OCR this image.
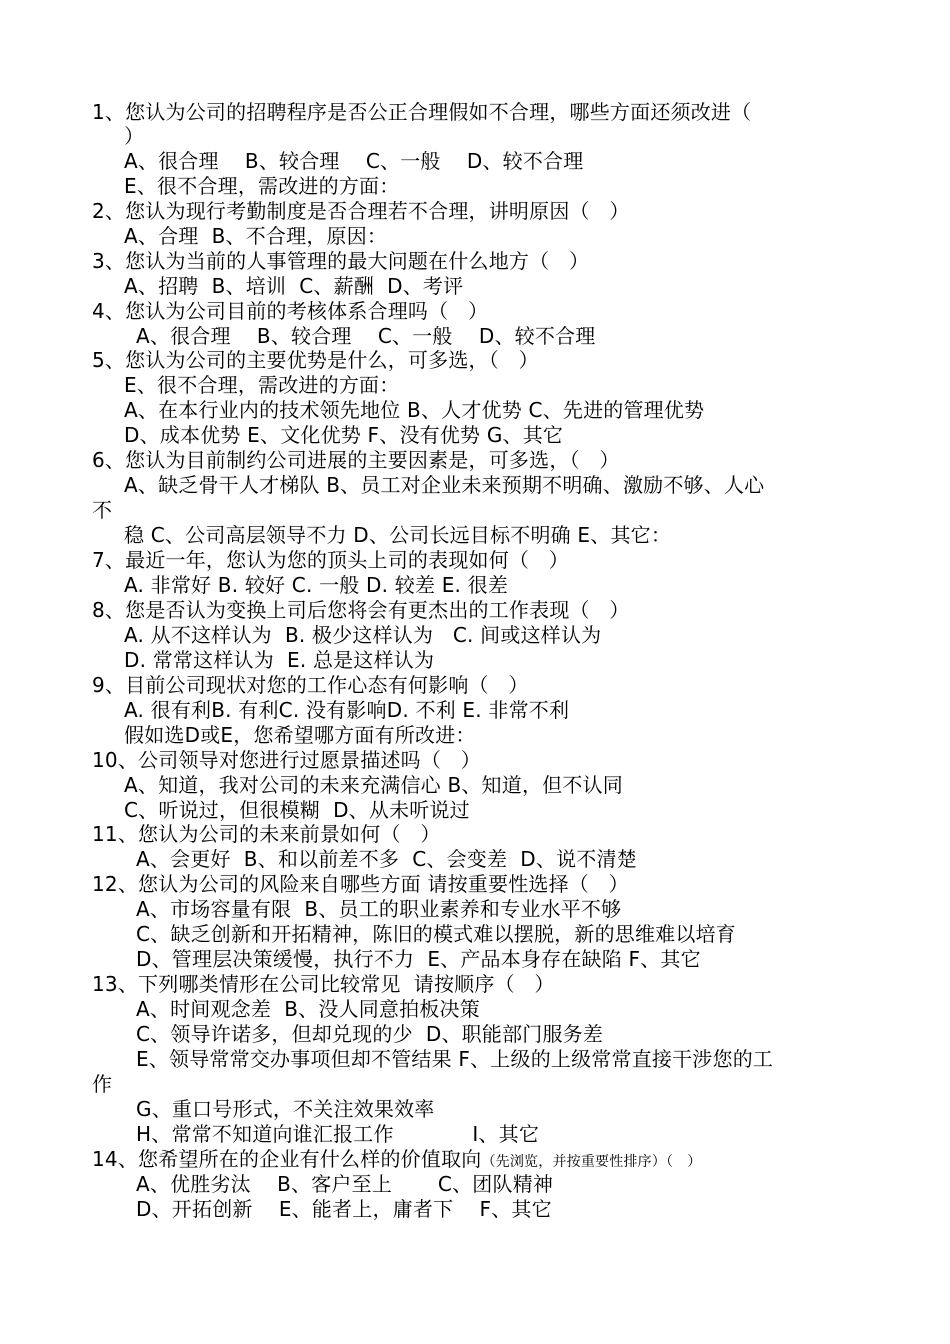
1、您认为公司的招聘程序是否公正合理假如不合理，哪些方面还须改进（
）
A、很合理    B、较合理    C、一般    D、较不合理
E、很不合理，需改进的方面：
2、您认为现行考勤制度是否合理若不合理，讲明原因（   ）
A、合理  B、不合理，原因：
3、您认为当前的人事管理的最大问题在什么地方（   ）
A、招聘  B、培训  C、薪酬  D、考评
4、您认为公司目前的考核体系合理吗（   ）
A、很合理    B、较合理    C、一般    D、较不合理
5、您认为公司的主要优势是什么，可多选，（   ）
E、很不合理，需改进的方面：
A、在本行业内的技术领先地位 B、人才优势 C、先进的管理优势
D、成本优势 E、文化优势 F、没有优势 G、其它
6、您认为目前制约公司进展的主要因素是，可多选，（   ）
A、缺乏骨干人才梯队 B、员工对企业未来预期不明确、激励不够、人心
不
稳 C、公司高层领导不力 D、公司长远目标不明确 E、其它：
7、最近一年，您认为您的顶头上司的表现如何（   ）
A. 非常好 B. 较好 C. 一般 D. 较差 E. 很差
8、您是否认为变换上司后您将会有更杰出的工作表现（   ）
A. 从不这样认为  B. 极少这样认为   C. 间或这样认为
D. 常常这样认为  E. 总是这样认为
9、目前公司现状对您的工作心态有何影响（   ）
A. 很有利B. 有利C. 没有影响D. 不利 E. 非常不利
假如选D或E，您希望哪方面有所改进：
10、公司领导对您进行过愿景描述吗（   ）
A、知道，我对公司的未来充满信心 B、知道，但不认同
C、听说过，但很模糊  D、从未听说过
11、您认为公司的未来前景如何（   ）
A、会更好  B、和以前差不多  C、会变差  D、说不清楚
12、您认为公司的风险来自哪些方面 请按重要性选择（   ）
A、市场容量有限  B、员工的职业素养和专业水平不够
C、缺乏创新和开拓精神，陈旧的模式难以摆脱，新的思维难以培育
D、管理层决策缓慢，执行不力  E、产品本身存在缺陷 F、其它
13、下列哪类情形在公司比较常见  请按顺序（   ）
A、时间观念差  B、没人同意拍板决策
C、领导许诺多，但却兑现的少  D、职能部门服务差
E、领导常常交办事项但却不管结果 F、上级的上级常常直接干涉您的工
作
G、重口号形式，不关注效果效率
H、常常不知道向谁汇报工作            I、其它
14、您希望所在的企业有什么样的价值取向（先浏览，并按重要性排序）（   ）
A、优胜劣汰    B、客户至上       C、团队精神
D、开拓创新    E、能者上，庸者下    F、其它
